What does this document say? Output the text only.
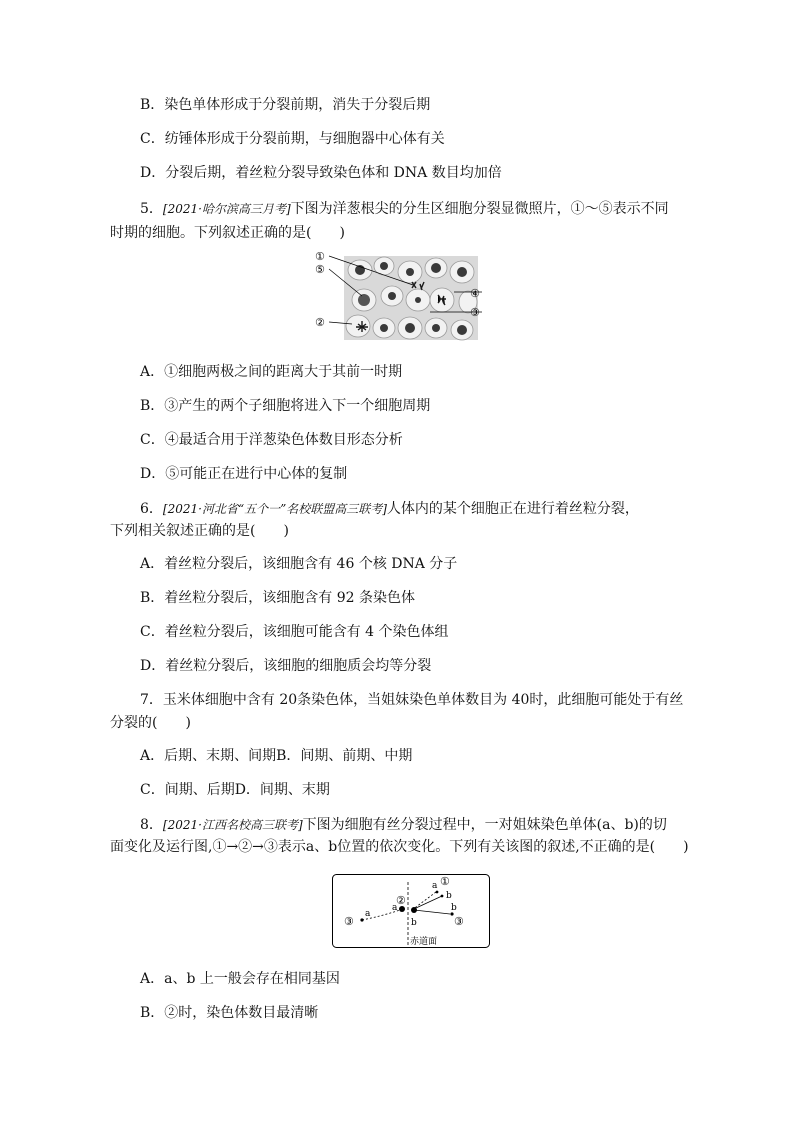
B．染色单体形成于分裂前期，消失于分裂后期
C．纺锤体形成于分裂前期，与细胞器中心体有关
D．分裂后期，着丝粒分裂导致染色体和 DNA 数目均加倍
5．[2021·哈尔滨高三月考]下图为洋葱根尖的分生区细胞分裂显微照片，①～⑤表示不同
时期的细胞。下列叙述正确的是(　　)
①
⑤
②
④
③
A．①细胞两极之间的距离大于其前一时期
B．③产生的两个子细胞将进入下一个细胞周期
C．④最适合用于洋葱染色体数目形态分析
D．⑤可能正在进行中心体的复制
6．[2021·河北省“五个一”名校联盟高三联考]人体内的某个细胞正在进行着丝粒分裂，
下列相关叙述正确的是(　　)
A．着丝粒分裂后，该细胞含有 46 个核 DNA 分子
B．着丝粒分裂后，该细胞含有 92 条染色体
C．着丝粒分裂后，该细胞可能含有 4 个染色体组
D．着丝粒分裂后，该细胞的细胞质会均等分裂
7．玉米体细胞中含有 20条染色体，当姐妹染色单体数目为 40时，此细胞可能处于有丝
分裂的(　　)
A．后期、末期、间期B．间期、前期、中期
C．间期、后期D．间期、末期
8．[2021·江西名校高三联考]下图为细胞有丝分裂过程中，一对姐妹染色单体(a、b)的切
面变化及运行图,①→②→③表示a、b位置的依次变化。下列有关该图的叙述,不正确的是(　　)
③
a
a
②
b
a ①
b
b
③
赤道面
A．a、b 上一般会存在相同基因
B．②时，染色体数目最清晰
